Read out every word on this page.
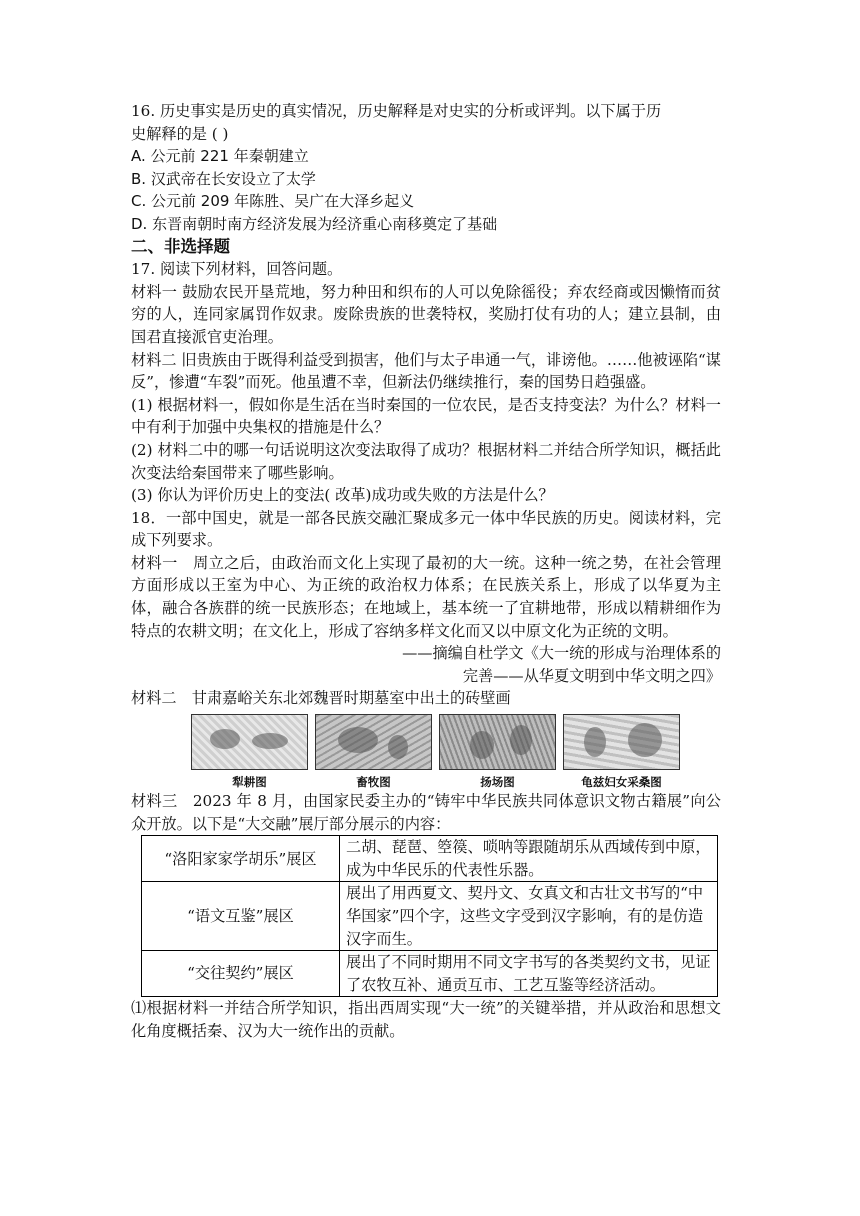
16. 历史事实是历史的真实情况，历史解释是对史实的分析或评判。以下属于历
史解释的是 ( )
A. 公元前 221 年秦朝建立
B. 汉武帝在长安设立了太学
C. 公元前 209 年陈胜、吴广在大泽乡起义
D. 东晋南朝时南方经济发展为经济重心南移奠定了基础
二、非选择题
17. 阅读下列材料，回答问题。
材料一 鼓励农民开垦荒地，努力种田和织布的人可以免除徭役；弃农经商或因懒惰而贫穷的人，连同家属罚作奴隶。废除贵族的世袭特权，奖励打仗有功的人；建立县制，由国君直接派官吏治理。
材料二 旧贵族由于既得利益受到损害，他们与太子串通一气，诽谤他。……他被诬陷“谋反”，惨遭“车裂”而死。他虽遭不幸，但新法仍继续推行，秦的国势日趋强盛。
(1) 根据材料一，假如你是生活在当时秦国的一位农民，是否支持变法？为什么？材料一中有利于加强中央集权的措施是什么？
(2) 材料二中的哪一句话说明这次变法取得了成功？根据材料二并结合所学知识，概括此次变法给秦国带来了哪些影响。
(3) 你认为评价历史上的变法( 改革)成功或失败的方法是什么？
18．一部中国史，就是一部各民族交融汇聚成多元一体中华民族的历史。阅读材料，完成下列要求。
材料一　周立之后，由政治而文化上实现了最初的大一统。这种一统之势，在社会管理方面形成以王室为中心、为正统的政治权力体系；在民族关系上，形成了以华夏为主体，融合各族群的统一民族形态；在地域上，基本统一了宜耕地带，形成以精耕细作为特点的农耕文明；在文化上，形成了容纳多样文化而又以中原文化为正统的文明。
——摘编自杜学文《大一统的形成与治理体系的
完善——从华夏文明到中华文明之四》
材料二　甘肃嘉峪关东北郊魏晋时期墓室中出土的砖壁画
犁耕图	畜牧图	扬场图	龟兹妇女采桑图
材料三　2023 年 8 月，由国家民委主办的“铸牢中华民族共同体意识文物古籍展”向公众开放。以下是“大交融”展厅部分展示的内容：
“洛阳家家学胡乐”展区	二胡、琵琶、箜篌、唢呐等跟随胡乐从西域传到中原，成为中华民乐的代表性乐器。
“语文互鉴”展区	展出了用西夏文、契丹文、女真文和古壮文书写的“中华国家”四个字，这些文字受到汉字影响，有的是仿造汉字而生。
“交往契约”展区	展出了不同时期用不同文字书写的各类契约文书，见证了农牧互补、通贡互市、工艺互鉴等经济活动。
⑴根据材料一并结合所学知识，指出西周实现“大一统”的关键举措，并从政治和思想文化角度概括秦、汉为大一统作出的贡献。
